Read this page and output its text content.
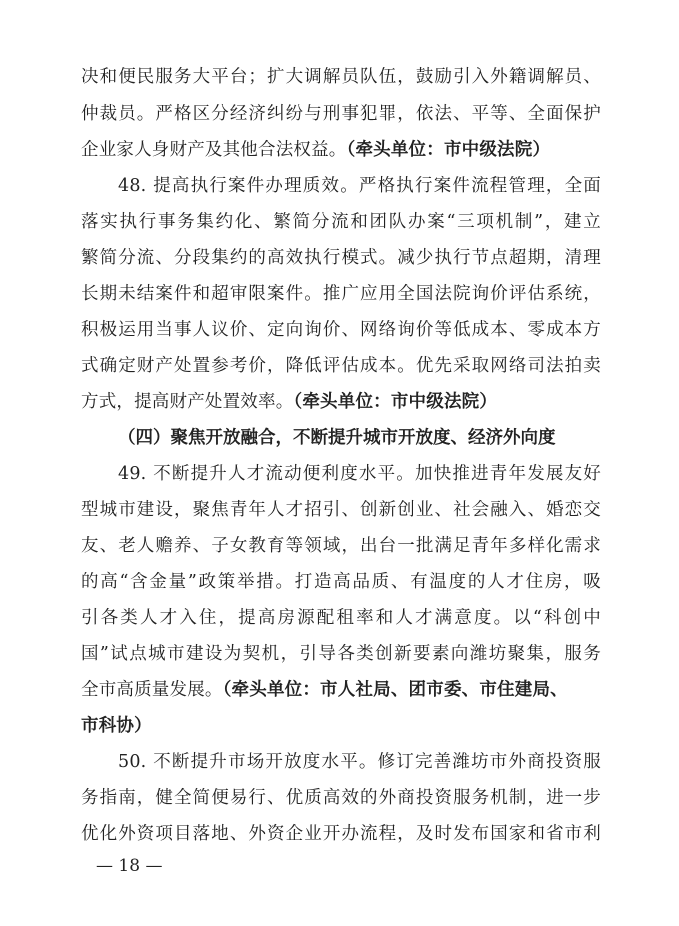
决和便民服务大平台；扩大调解员队伍，鼓励引入外籍调解员、
仲裁员。严格区分经济纠纷与刑事犯罪，依法、平等、全面保护
企业家人身财产及其他合法权益。（牵头单位：市中级法院）
48. 提高执行案件办理质效。严格执行案件流程管理，全面
落实执行事务集约化、繁简分流和团队办案“三项机制”，建立
繁简分流、分段集约的高效执行模式。减少执行节点超期，清理
长期未结案件和超审限案件。推广应用全国法院询价评估系统，
积极运用当事人议价、定向询价、网络询价等低成本、零成本方
式确定财产处置参考价，降低评估成本。优先采取网络司法拍卖
方式，提高财产处置效率。（牵头单位：市中级法院）
（四）聚焦开放融合，不断提升城市开放度、经济外向度
49. 不断提升人才流动便利度水平。加快推进青年发展友好
型城市建设，聚焦青年人才招引、创新创业、社会融入、婚恋交
友、老人赡养、子女教育等领域，出台一批满足青年多样化需求
的高“含金量”政策举措。打造高品质、有温度的人才住房，吸
引各类人才入住，提高房源配租率和人才满意度。以“科创中
国”试点城市建设为契机，引导各类创新要素向潍坊聚集，服务
全市高质量发展。（牵头单位：市人社局、团市委、市住建局、
市科协）
50. 不断提升市场开放度水平。修订完善潍坊市外商投资服
务指南，健全简便易行、优质高效的外商投资服务机制，进一步
优化外资项目落地、外资企业开办流程，及时发布国家和省市利
— 18 —
